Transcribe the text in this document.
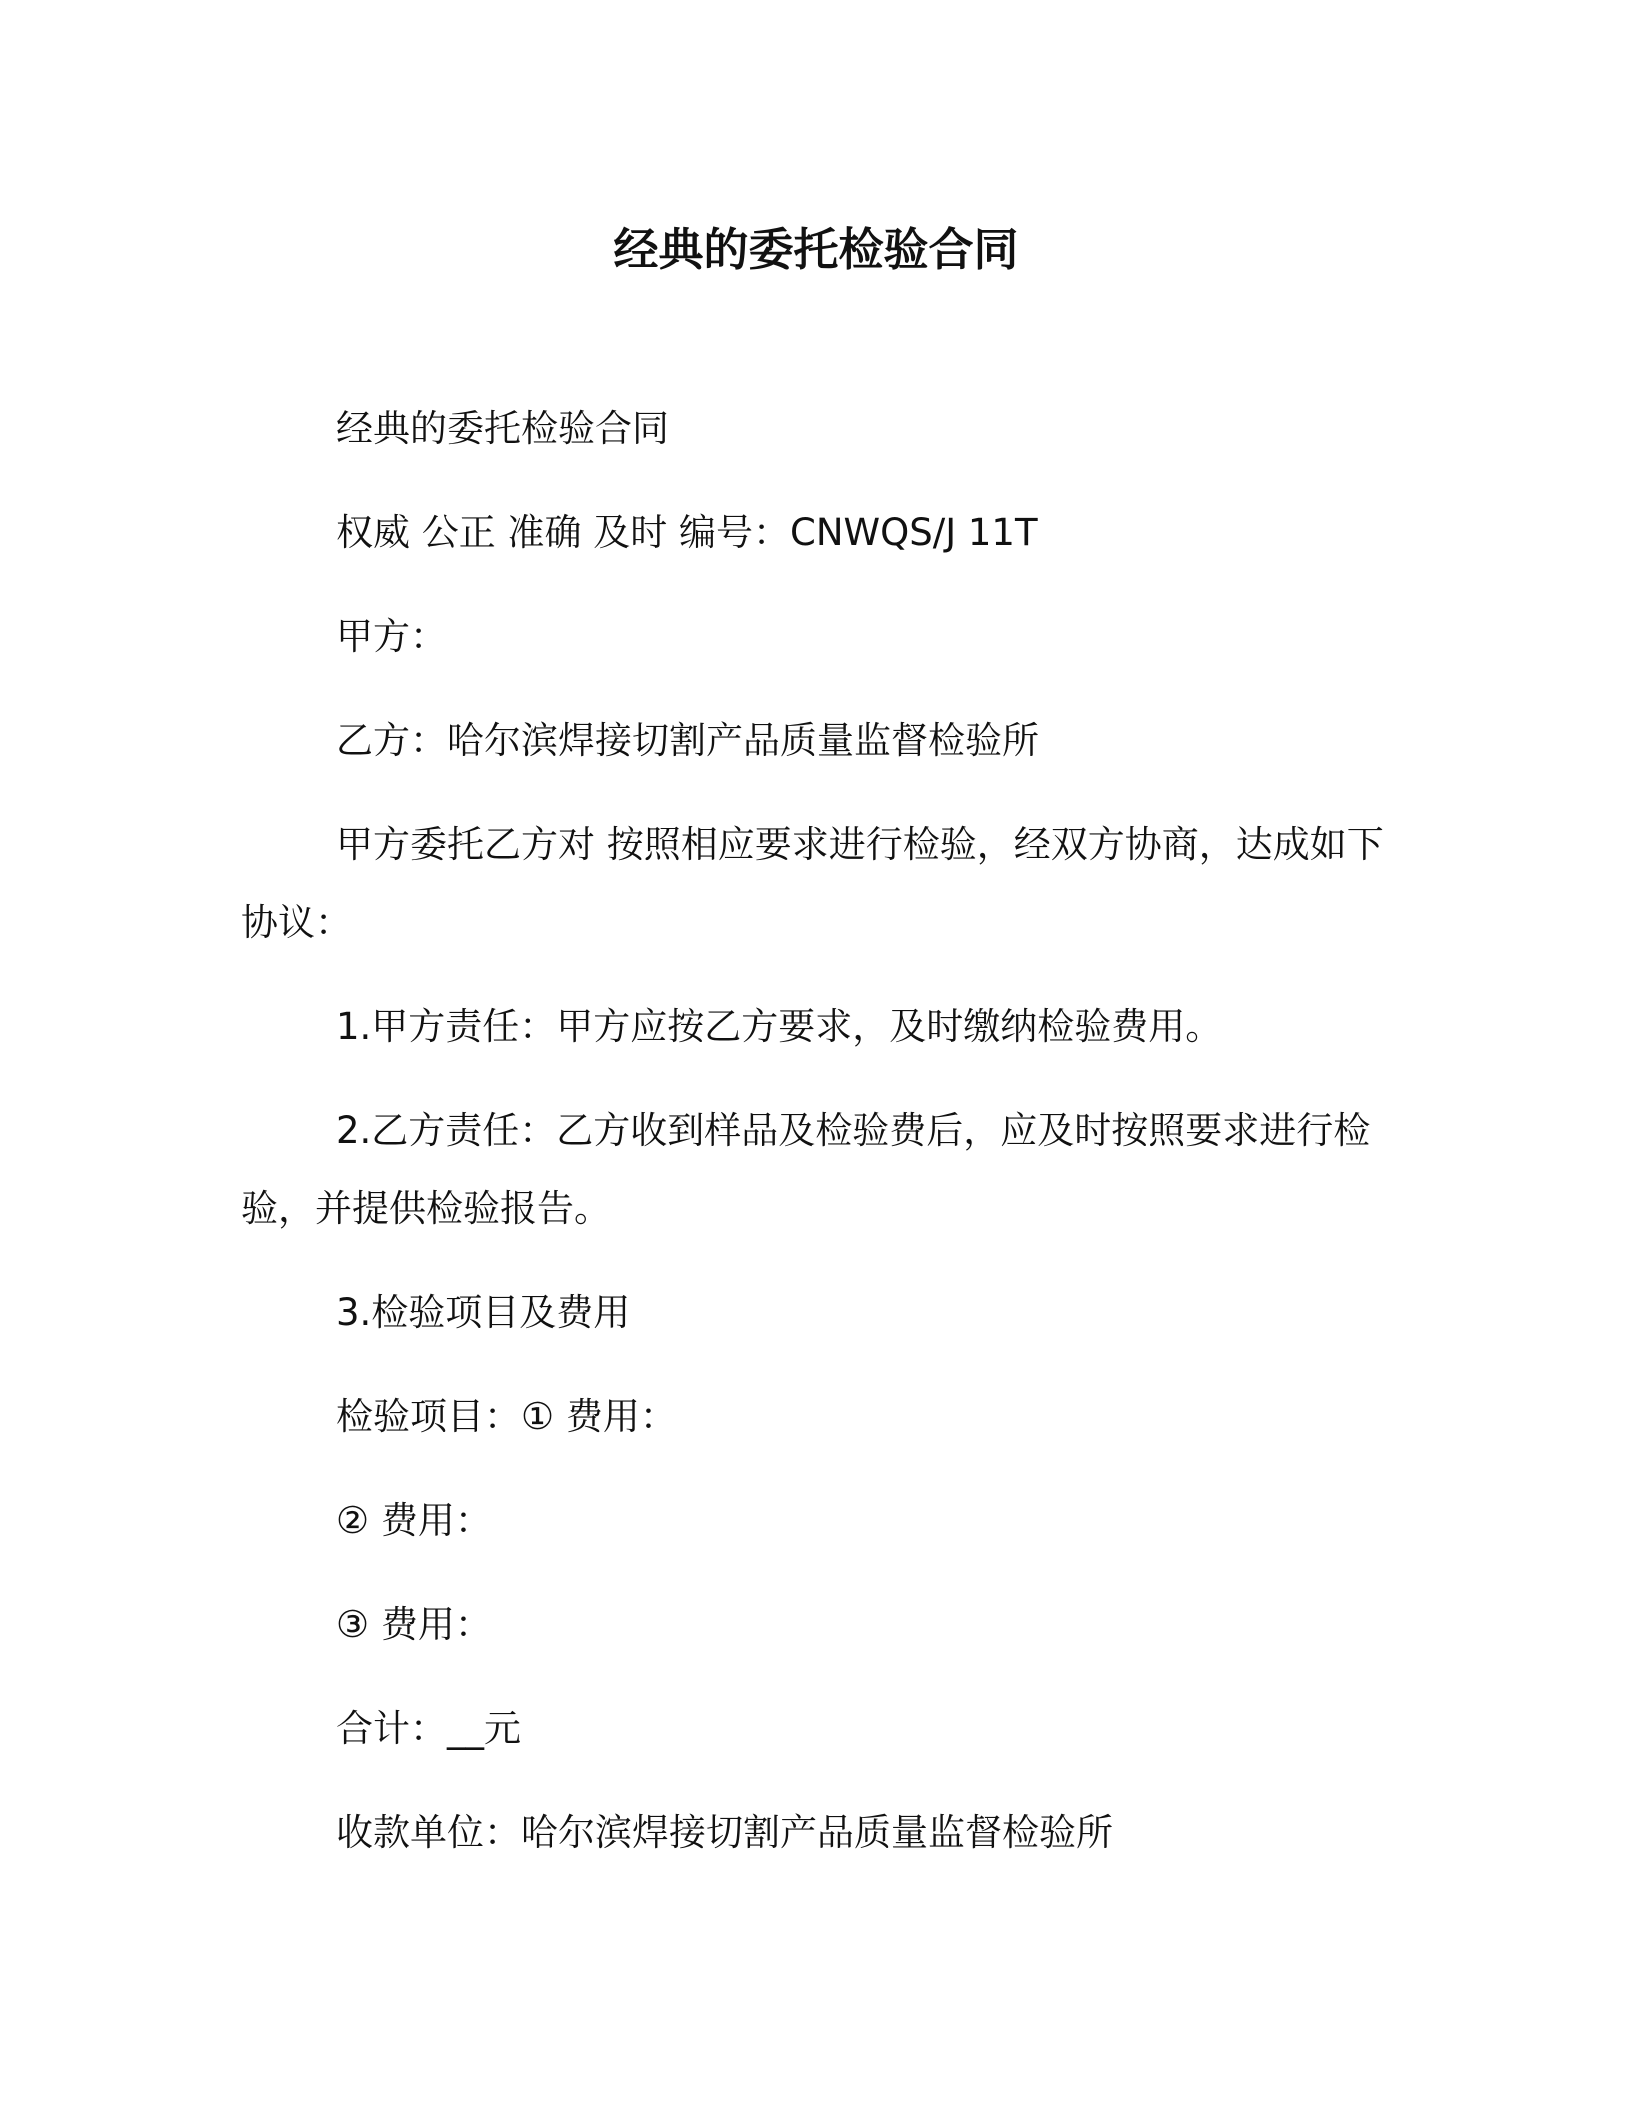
经典的委托检验合同

经典的委托检验合同

权威 公正 准确 及时 编号：CNWQS/J 11T

甲方：

乙方：哈尔滨焊接切割产品质量监督检验所

甲方委托乙方对 按照相应要求进行检验，经双方协商，达成如下协议：

1.甲方责任：甲方应按乙方要求，及时缴纳检验费用。

2.乙方责任：乙方收到样品及检验费后，应及时按照要求进行检验，并提供检验报告。

3.检验项目及费用

检验项目：① 费用：

② 费用：

③ 费用：

合计：__元

收款单位：哈尔滨焊接切割产品质量监督检验所
